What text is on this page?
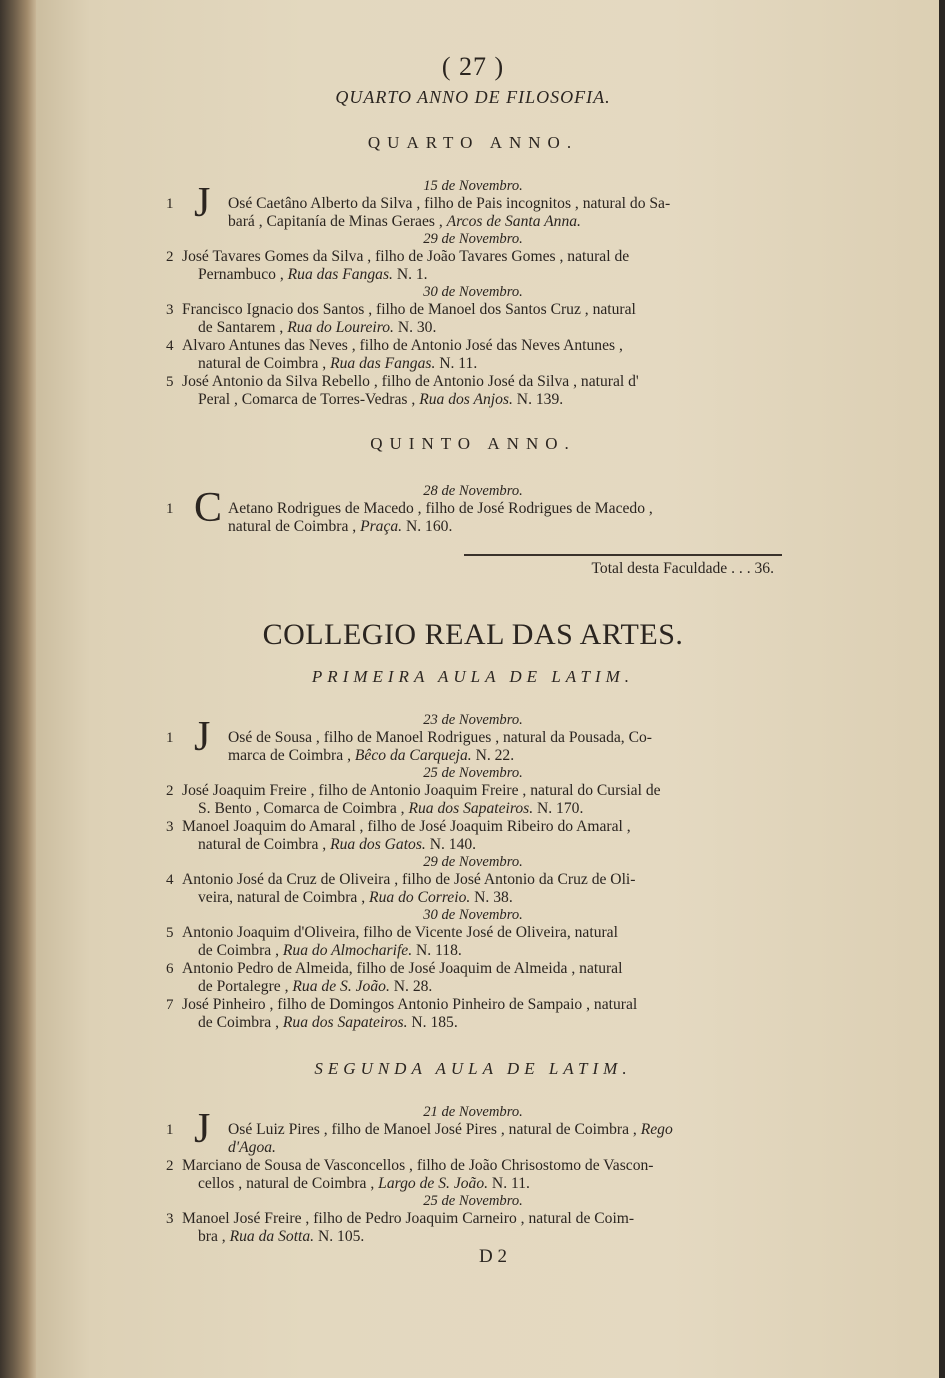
( 27 )
QUARTO ANNO DE FILOSOFIA.
QUARTO ANNO.
15 de Novembro.
1 J Osé Caetâno Alberto da Silva , filho de Pais incognitos , natural do Sa-
bará , Capitanía de Minas Geraes , Arcos de Santa Anna.
29 de Novembro.
2 José Tavares Gomes da Silva , filho de João Tavares Gomes , natural de
Pernambuco , Rua das Fangas. N. 1.
30 de Novembro.
3 Francisco Ignacio dos Santos , filho de Manoel dos Santos Cruz , natural
de Santarem , Rua do Loureiro. N. 30.
4 Alvaro Antunes das Neves , filho de Antonio José das Neves Antunes ,
natural de Coimbra , Rua das Fangas. N. 11.
5 José Antonio da Silva Rebello , filho de Antonio José da Silva , natural d'
Peral , Comarca de Torres-Vedras , Rua dos Anjos. N. 139.
QUINTO ANNO.
28 de Novembro.
1 C Aetano Rodrigues de Macedo , filho de José Rodrigues de Macedo ,
natural de Coimbra , Praça. N. 160.
Total desta Faculdade . . . 36.
COLLEGIO REAL DAS ARTES.
PRIMEIRA AULA DE LATIM.
23 de Novembro.
1 J Osé de Sousa , filho de Manoel Rodrigues , natural da Pousada, Co-
marca de Coimbra , Bêco da Carqueja. N. 22.
25 de Novembro.
2 José Joaquim Freire , filho de Antonio Joaquim Freire , natural do Cursial de
S. Bento , Comarca de Coimbra , Rua dos Sapateiros. N. 170.
3 Manoel Joaquim do Amaral , filho de José Joaquim Ribeiro do Amaral ,
natural de Coimbra , Rua dos Gatos. N. 140.
29 de Novembro.
4 Antonio José da Cruz de Oliveira , filho de José Antonio da Cruz de Oli-
veira, natural de Coimbra , Rua do Correio. N. 38.
30 de Novembro.
5 Antonio Joaquim d'Oliveira, filho de Vicente José de Oliveira, natural
de Coimbra , Rua do Almocharife. N. 118.
6 Antonio Pedro de Almeida, filho de José Joaquim de Almeida , natural
de Portalegre , Rua de S. João. N. 28.
7 José Pinheiro , filho de Domingos Antonio Pinheiro de Sampaio , natural
de Coimbra , Rua dos Sapateiros. N. 185.
SEGUNDA AULA DE LATIM.
21 de Novembro.
1 J Osé Luiz Pires , filho de Manoel José Pires , natural de Coimbra , Rego
d'Agoa.
2 Marciano de Sousa de Vasconcellos , filho de João Chrisostomo de Vascon-
cellos , natural de Coimbra , Largo de S. João. N. 11.
25 de Novembro.
3 Manoel José Freire , filho de Pedro Joaquim Carneiro , natural de Coim-
bra , Rua da Sotta. N. 105.
D 2
